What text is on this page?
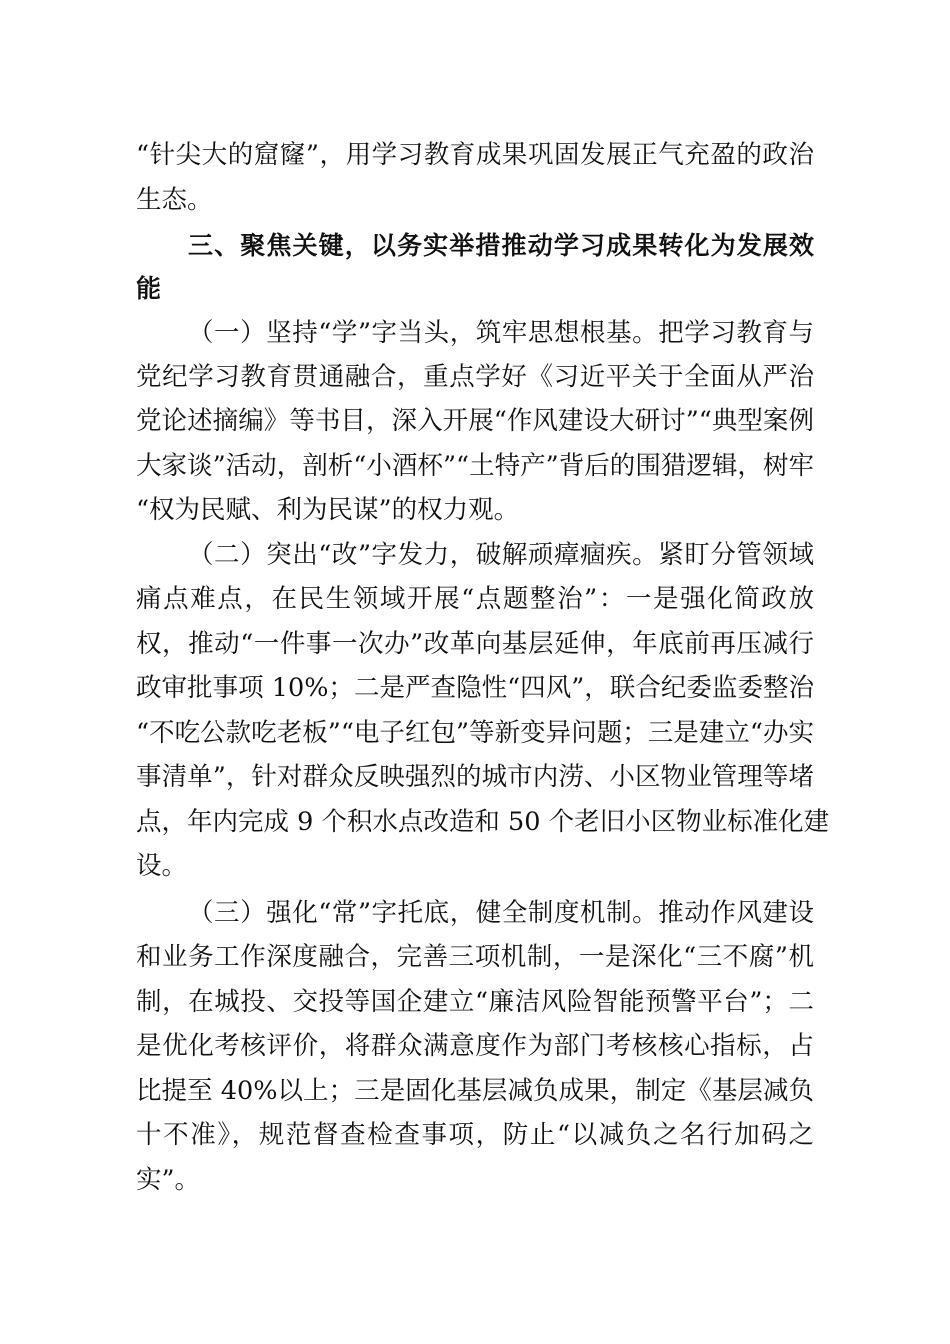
“针尖大的窟窿”，用学习教育成果巩固发展正气充盈的政治
生态。
三、聚焦关键，以务实举措推动学习成果转化为发展效
能
（一）坚持“学”字当头，筑牢思想根基。把学习教育与
党纪学习教育贯通融合，重点学好《习近平关于全面从严治
党论述摘编》等书目，深入开展“作风建设大研讨”“典型案例
大家谈”活动，剖析“小酒杯”“土特产”背后的围猎逻辑，树牢
“权为民赋、利为民谋”的权力观。
（二）突出“改”字发力，破解顽瘴痼疾。紧盯分管领域
痛点难点，在民生领域开展“点题整治”：一是强化简政放
权，推动“一件事一次办”改革向基层延伸，年底前再压减行
政审批事项 10%；二是严查隐性“四风”，联合纪委监委整治
“不吃公款吃老板”“电子红包”等新变异问题；三是建立“办实
事清单”，针对群众反映强烈的城市内涝、小区物业管理等堵
点，年内完成 9 个积水点改造和 50 个老旧小区物业标准化建
设。
（三）强化“常”字托底，健全制度机制。推动作风建设
和业务工作深度融合，完善三项机制，一是深化“三不腐”机
制，在城投、交投等国企建立“廉洁风险智能预警平台”；二
是优化考核评价，将群众满意度作为部门考核核心指标，占
比提至 40%以上；三是固化基层减负成果，制定《基层减负
十不准》，规范督查检查事项，防止“以减负之名行加码之
实”。
